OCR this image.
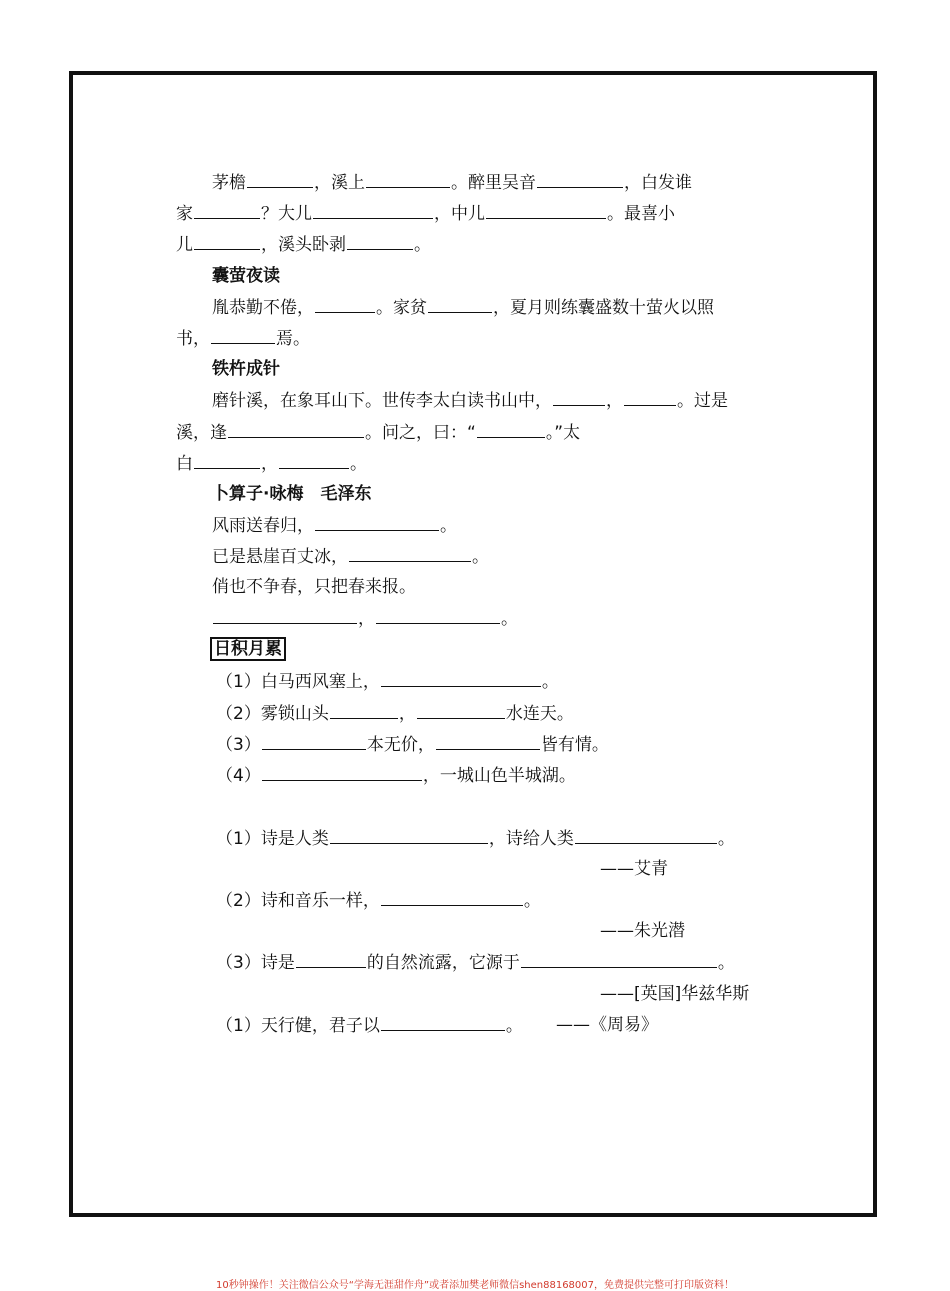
茅檐	，溪上	。醉里吴音	，白发谁
家	？大儿	，中儿	。最喜小
儿	，溪头卧剥	。
囊萤夜读
胤恭勤不倦，	。家贫	，夏月则练囊盛数十萤火以照
书，	焉。
铁杵成针
磨针溪，在象耳山下。世传李太白读书山中，	，	。过是
溪，逢	。问之，曰：“	。”太
白	，	。
卜算子·咏梅　毛泽东
风雨送春归，	。
已是悬崖百丈冰，	。
俏也不争春，只把春来报。
，	。
日积月累
（1）白马西风塞上，	。
（2）雾锁山头	，	水连天。
（3）	本无价，	皆有情。
（4）	，一城山色半城湖。
（1）诗是人类	，诗给人类	。
——艾青
（2）诗和音乐一样，	。
——朱光潜
（3）诗是	的自然流露，它源于	。
——[英国]华兹华斯
（1）天行健，君子以	。 ——《周易》
10秒钟操作！关注微信公众号“学海无涯甜作舟”或者添加樊老师微信shen88168007，免费提供完整可打印版资料！
